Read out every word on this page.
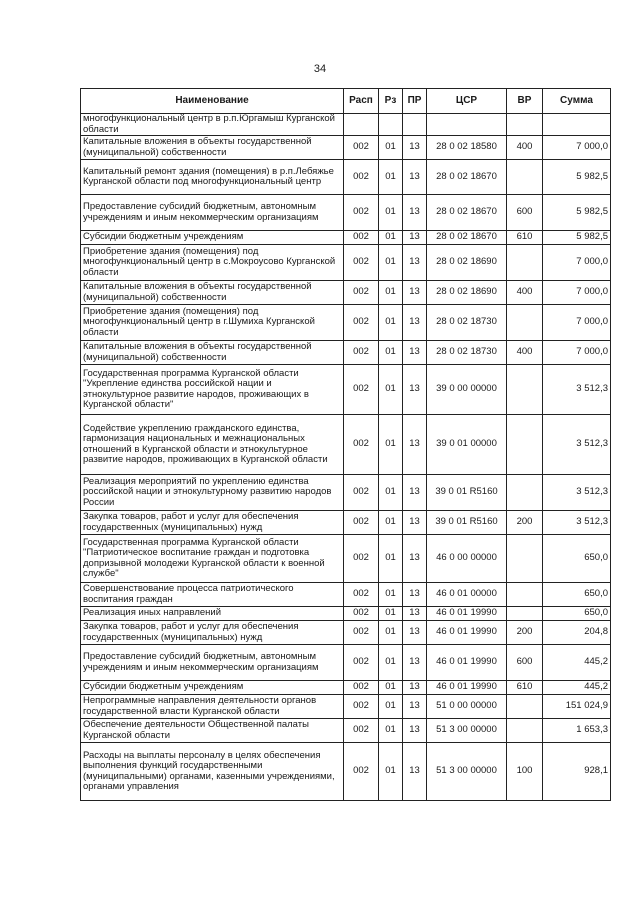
34
Наименование	Расп	Рз	ПР	ЦСР	ВР	Сумма
многофункциональный центр в р.п.Юргамыш Курганской области						
Капитальные вложения в объекты государственной (муниципальной) собственности	002	01	13	28 0 02 18580	400	7 000,0
Капитальный ремонт здания (помещения) в р.п.Лебяжье Курганской области под многофункциональный центр	002	01	13	28 0 02 18670		5 982,5
Предоставление субсидий бюджетным, автономным учреждениям и иным некоммерческим организациям	002	01	13	28 0 02 18670	600	5 982,5
Субсидии бюджетным учреждениям	002	01	13	28 0 02 18670	610	5 982,5
Приобретение здания (помещения) под многофункциональный центр в с.Мокроусово Курганской области	002	01	13	28 0 02 18690		7 000,0
Капитальные вложения в объекты государственной (муниципальной) собственности	002	01	13	28 0 02 18690	400	7 000,0
Приобретение здания (помещения) под многофункциональный центр в г.Шумиха Курганской области	002	01	13	28 0 02 18730		7 000,0
Капитальные вложения в объекты государственной (муниципальной) собственности	002	01	13	28 0 02 18730	400	7 000,0
Государственная программа Курганской области "Укрепление единства российской нации и этнокультурное развитие народов, проживающих в Курганской области"	002	01	13	39 0 00 00000		3 512,3
Содействие укреплению гражданского единства, гармонизация национальных и межнациональных отношений в Курганской области и этнокультурное развитие народов, проживающих в Курганской области	002	01	13	39 0 01 00000		3 512,3
Реализация мероприятий по укреплению единства российской нации и этнокультурному развитию народов России	002	01	13	39 0 01 R5160		3 512,3
Закупка товаров, работ и услуг для обеспечения государственных (муниципальных) нужд	002	01	13	39 0 01 R5160	200	3 512,3
Государственная программа Курганской области "Патриотическое воспитание граждан и подготовка допризывной молодежи Курганской области к военной службе"	002	01	13	46 0 00 00000		650,0
Совершенствование процесса патриотического воспитания граждан	002	01	13	46 0 01 00000		650,0
Реализация иных направлений	002	01	13	46 0 01 19990		650,0
Закупка товаров, работ и услуг для обеспечения государственных (муниципальных) нужд	002	01	13	46 0 01 19990	200	204,8
Предоставление субсидий бюджетным, автономным учреждениям и иным некоммерческим организациям	002	01	13	46 0 01 19990	600	445,2
Субсидии бюджетным учреждениям	002	01	13	46 0 01 19990	610	445,2
Непрограммные направления деятельности органов государственной власти Курганской области	002	01	13	51 0 00 00000		151 024,9
Обеспечение деятельности Общественной палаты Курганской области	002	01	13	51 3 00 00000		1 653,3
Расходы на выплаты персоналу в целях обеспечения выполнения функций государственными (муниципальными) органами, казенными учреждениями, органами управления	002	01	13	51 3 00 00000	100	928,1
